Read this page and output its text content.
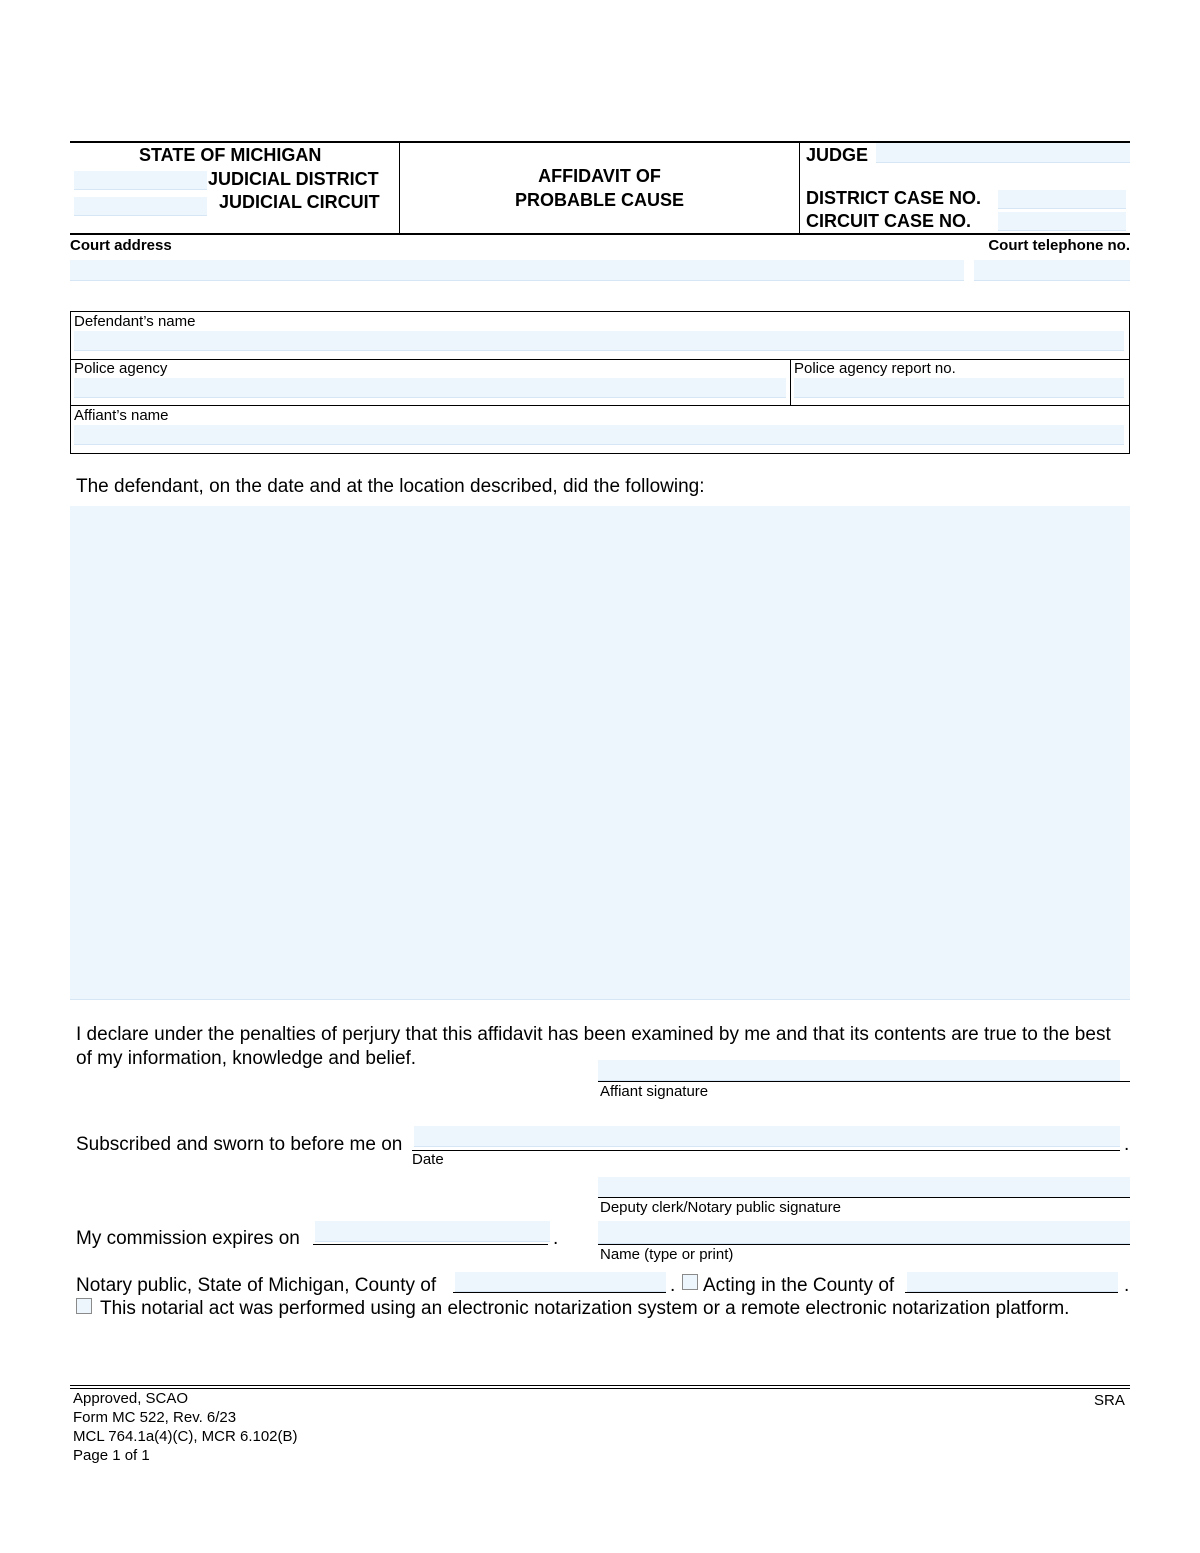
STATE OF MICHIGAN
JUDICIAL DISTRICT
JUDICIAL CIRCUIT
AFFIDAVIT OF
PROBABLE CAUSE
JUDGE
DISTRICT CASE NO.
CIRCUIT CASE NO.
Court address	Court telephone no.
Defendant’s name
Police agency	Police agency report no.
Affiant’s name
The defendant, on the date and at the location described, did the following:
I declare under the penalties of perjury that this affidavit has been examined by me and that its contents are true to the best of my information, knowledge and belief.
Affiant signature
Subscribed and sworn to before me on	.
Date
Deputy clerk/Notary public signature
My commission expires on	.
Name (type or print)
Notary public, State of Michigan, County of	. Acting in the County of	.
This notarial act was performed using an electronic notarization system or a remote electronic notarization platform.
Approved, SCAO
Form MC 522, Rev. 6/23
MCL 764.1a(4)(C), MCR 6.102(B)
Page 1 of 1
SRA
